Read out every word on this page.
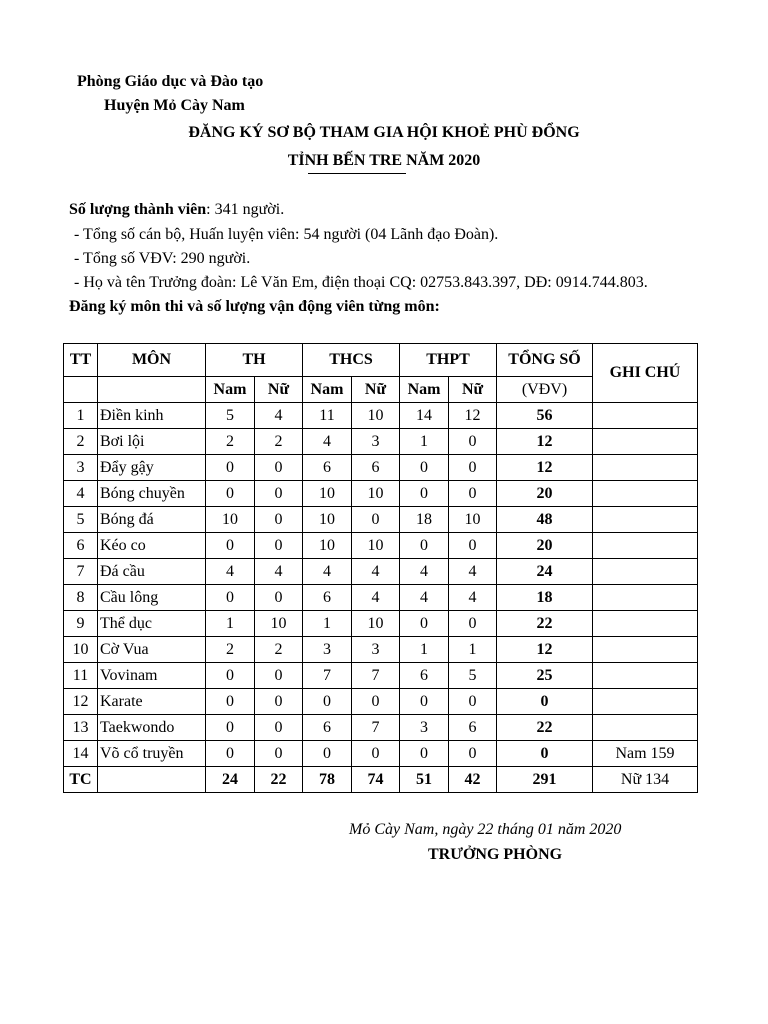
Phòng Giáo dục và Đào tạo
Huyện Mỏ Cày Nam
ĐĂNG KÝ SƠ BỘ THAM GIA HỘI KHOẺ PHÙ ĐỔNG
TỈNH BẾN TRE NĂM 2020
Số lượng thành viên: 341 người.
- Tổng số cán bộ, Huấn luyện viên: 54 người (04 Lãnh đạo Đoàn).
- Tổng số VĐV: 290 người.
- Họ và tên Trưởng đoàn: Lê Văn Em, điện thoại CQ: 02753.843.397, DĐ: 0914.744.803.
Đăng ký môn thi và số lượng vận động viên từng môn:
TT	MÔN	TH		THCS		THPT		TỔNG SỐ	GHI CHÚ
		Nam	Nữ	Nam	Nữ	Nam	Nữ	(VĐV)	
1	Điền kinh	5	4	11	10	14	12	56	
2	Bơi lội	2	2	4	3	1	0	12	
3	Đẩy gậy	0	0	6	6	0	0	12	
4	Bóng chuyền	0	0	10	10	0	0	20	
5	Bóng đá	10	0	10	0	18	10	48	
6	Kéo co	0	0	10	10	0	0	20	
7	Đá cầu	4	4	4	4	4	4	24	
8	Cầu lông	0	0	6	4	4	4	18	
9	Thể dục	1	10	1	10	0	0	22	
10	Cờ Vua	2	2	3	3	1	1	12	
11	Vovinam	0	0	7	7	6	5	25	
12	Karate	0	0	0	0	0	0	0	
13	Taekwondo	0	0	6	7	3	6	22	
14	Võ cổ truyền	0	0	0	0	0	0	0	Nam 159
TC		24	22	78	74	51	42	291	Nữ 134
Mỏ Cày Nam, ngày 22 tháng 01 năm 2020
TRƯỞNG PHÒNG
